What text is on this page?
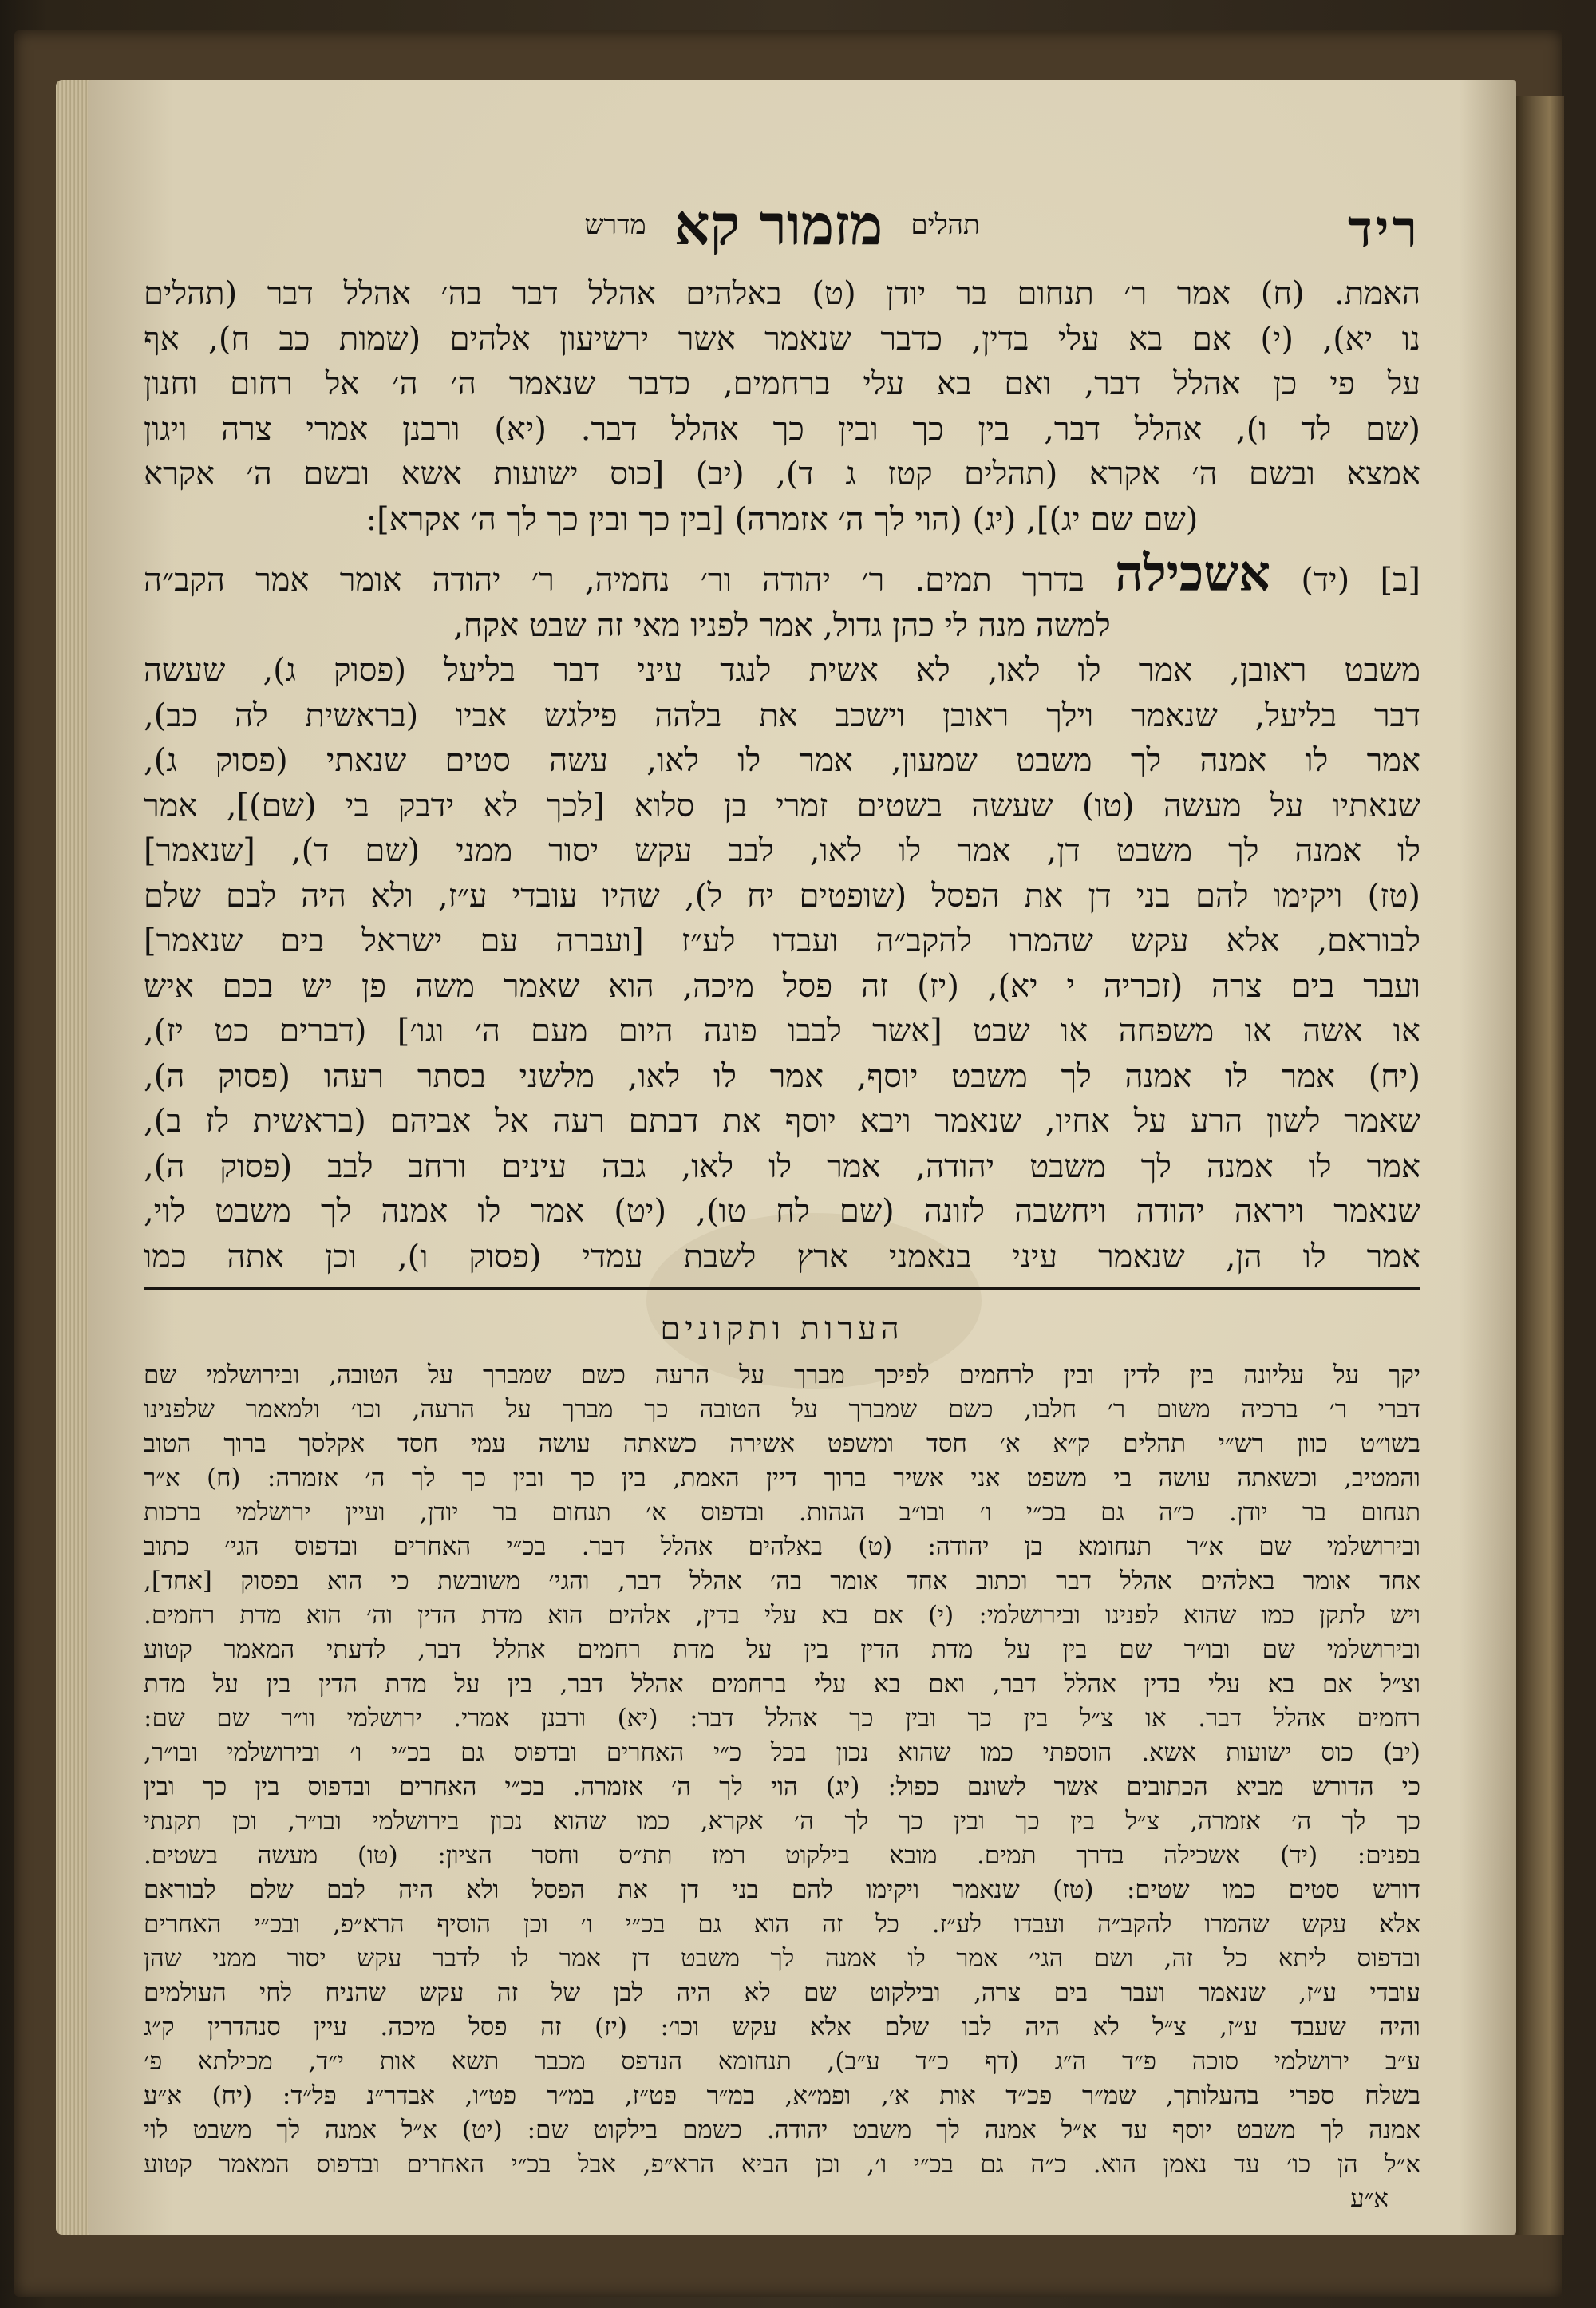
ריד
תהלים מזמור קא מדרש

האמת. (ח) אמר ר׳ תנחום בר יודן (ט) באלהים אהלל דבר בה׳ אהלל דבר (תהלים

נו יא), (י) אם בא עלי בדין, כדבר שנאמר אשר ירשיעון אלהים (שמות כב ח), אף

על פי כן אהלל דבר, ואם בא עלי ברחמים, כדבר שנאמר ה׳ ה׳ אל רחום וחנון

(שם לד ו), אהלל דבר, בין כך ובין כך אהלל דבר. (יא) ורבנן אמרי צרה ויגון

אמצא ובשם ה׳ אקרא (תהלים קטז ג ד), (יב) [כוס ישועות אשא ובשם ה׳ אקרא

(שם שם יג)], (יג) (הוי לך ה׳ אזמרה) [בין כך ובין כך לך ה׳ אקרא]:

[ב] (יד) אשכילה בדרך תמים. ר׳ יהודה ור׳ נחמיה, ר׳ יהודה אומר אמר הקב״ה

למשה מנה לי כהן גדול, אמר לפניו מאי זה שבט אקח,

משבט ראובן, אמר לו לאו, לא אשית לנגד עיני דבר בליעל (פסוק ג), שעשה

דבר בליעל, שנאמר וילך ראובן וישכב את בלהה פילגש אביו (בראשית לה כב),

אמר לו אמנה לך משבט שמעון, אמר לו לאו, עשה סטים שנאתי (פסוק ג),

שנאתיו על מעשה (טו) שעשה בשטים זמרי בן סלוא [לכך לא ידבק בי (שם)], אמר

לו אמנה לך משבט דן, אמר לו לאו, לבב עקש יסור ממני (שם ד), [שנאמר]

(טז) ויקימו להם בני דן את הפסל (שופטים יח ל), שהיו עובדי ע״ז, ולא היה לבם שלם

לבוראם, אלא עקש שהמרו להקב״ה ועבדו לע״ז [ועברה עם ישראל בים שנאמר]

ועבר בים צרה (זכריה י יא), (יז) זה פסל מיכה, הוא שאמר משה פן יש בכם איש

או אשה או משפחה או שבט [אשר לבבו פונה היום מעם ה׳ וגו׳] (דברים כט יז),

(יח) אמר לו אמנה לך משבט יוסף, אמר לו לאו, מלשני בסתר רעהו (פסוק ה),

שאמר לשון הרע על אחיו, שנאמר ויבא יוסף את דבתם רעה אל אביהם (בראשית לז ב),

אמר לו אמנה לך משבט יהודה, אמר לו לאו, גבה עינים ורחב לבב (פסוק ה),

שנאמר ויראה יהודה ויחשבה לזונה (שם לח טו), (יט) אמר לו אמנה לך משבט לוי,

אמר לו הן, שנאמר עיני בנאמני ארץ לשבת עמדי (פסוק ו), וכן אתה כמו

הערות ותקונים

יקך על עליונה בין לדין ובין לרחמים לפיכך מברך על הרעה כשם שמברך על הטובה, ובירושלמי שם

דברי ר׳ ברכיה משום ר׳ חלבו, כשם שמברך על הטובה כך מברך על הרעה, וכו׳ ולמאמר שלפנינו

בשו״ט כוון רש״י תהלים ק״א א׳ חסד ומשפט אשירה כשאתה עושה עמי חסד אקלסך ברוך הטוב

והמטיב, וכשאתה עושה בי משפט אני אשיר ברוך דיין האמת, בין כך ובין כך לך ה׳ אזמרה: (ח) א״ר

תנחום בר יודן. כ״ה גם בכ״י ו׳ ובו״ב הגהות. ובדפוס א׳ תנחום בר יודן, ועיין ירושלמי ברכות

ובירושלמי שם א״ר תנחומא בן יהודה: (ט) באלהים אהלל דבר. בכ״י האחרים ובדפוס הגי׳ כתוב

אחד אומר באלהים אהלל דבר וכתוב אחד אומר בה׳ אהלל דבר, והגי׳ משובשת כי הוא בפסוק [אחד],

ויש לתקן כמו שהוא לפנינו ובירושלמי: (י) אם בא עלי בדין, אלהים הוא מדת הדין וה׳ הוא מדת רחמים.

ובירושלמי שם ובו״ר שם בין על מדת הדין בין על מדת רחמים אהלל דבר, לדעתי המאמר קטוע

וצ״ל אם בא עלי בדין אהלל דבר, ואם בא עלי ברחמים אהלל דבר, בין על מדת הדין בין על מדת

רחמים אהלל דבר. או צ״ל בין כך ובין כך אהלל דבר: (יא) ורבנן אמרי. ירושלמי וו״ר שם שם:

(יב) כוס ישועות אשא. הוספתי כמו שהוא נכון בכל כ״י האחרים ובדפוס גם בכ״י ו׳ ובירושלמי ובו״ר,

כי הדורש מביא הכתובים אשר לשונם כפול: (יג) הוי לך ה׳ אזמרה. בכ״י האחרים ובדפוס בין כך ובין

כך לך ה׳ אזמרה, צ״ל בין כך ובין כך לך ה׳ אקרא, כמו שהוא נכון בירושלמי ובו״ר, וכן תקנתי

בפנים: (יד) אשכילה בדרך תמים. מובא בילקוט רמז תת״ס וחסר הציון: (טו) מעשה בשטים.

דורש סטים כמו שטים: (טז) שנאמר ויקימו להם בני דן את הפסל ולא היה לבם שלם לבוראם

אלא עקש שהמרו להקב״ה ועבדו לע״ז. כל זה הוא גם בכ״י ו׳ וכן הוסיף הרא״פ, ובכ״י האחרים

ובדפוס ליתא כל זה, ושם הגי׳ אמר לו אמנה לך משבט דן אמר לו לדבר עקש יסור ממני שהן

עובדי ע״ז, שנאמר ועבר בים צרה, ובילקוט שם לא היה לבן של זה עקש שהניח לחי העולמים

והיה שעבד ע״ז, צ״ל לא היה לבו שלם אלא עקש וכו׳: (יז) זה פסל מיכה. עיין סנהדרין ק״ג

ע״ב ירושלמי סוכה פ״ד ה״ג (דף כ״ד ע״ב), תנחומא הנדפס מכבר תשא אות י״ד, מכילתא פ׳

בשלח ספרי בהעלותך, שמ״ר פכ״ד אות א׳, ופמ״א, במ״ר פט״ז, במ״ר פט״ו, אבדר״נ פל״ד: (יח) א״ע

אמנה לך משבט יוסף עד א״ל אמנה לך משבט יהודה. כשמם בילקוט שם: (יט) א״ל אמנה לך משבט לוי

א״ל הן כו׳ עד נאמן הוא. כ״ה גם בכ״י ו׳, וכן הביא הרא״פ, אבל בכ״י האחרים ובדפוס המאמר קטוע

א״ע
